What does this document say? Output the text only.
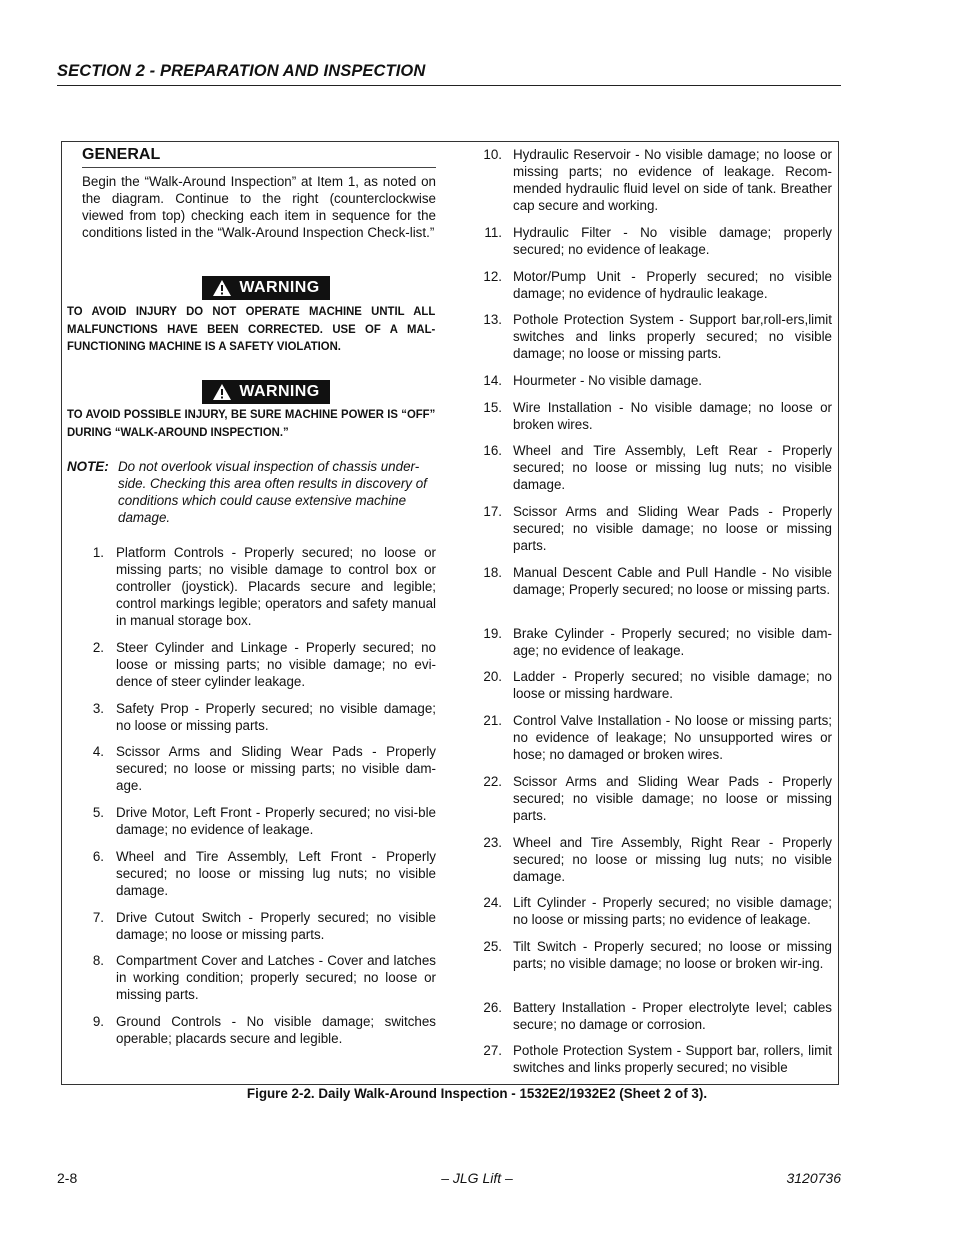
SECTION 2 - PREPARATION AND INSPECTION
GENERAL
Begin the “Walk-Around Inspection” at Item 1, as noted on the diagram. Continue to the right (counterclockwise viewed from top) checking each item in sequence for the conditions listed in the “Walk-Around Inspection Check-list.”
WARNING
TO AVOID INJURY DO NOT OPERATE MACHINE UNTIL ALL MALFUNCTIONS HAVE BEEN CORRECTED. USE OF A MAL-FUNCTIONING MACHINE IS A SAFETY VIOLATION.
WARNING
TO AVOID POSSIBLE INJURY, BE SURE MACHINE POWER IS “OFF” DURING “WALK-AROUND INSPECTION.”
NOTE: Do not overlook visual inspection of chassis under-side. Checking this area often results in discovery of conditions which could cause extensive machine damage.
1. Platform Controls - Properly secured; no loose or missing parts; no visible damage to control box or controller (joystick). Placards secure and legible; control markings legible; operators and safety manual in manual storage box.
2. Steer Cylinder and Linkage - Properly secured; no loose or missing parts; no visible damage; no evi-dence of steer cylinder leakage.
3. Safety Prop - Properly secured; no visible damage; no loose or missing parts.
4. Scissor Arms and Sliding Wear Pads - Properly secured; no loose or missing parts; no visible dam-age.
5. Drive Motor, Left Front - Properly secured; no visi-ble damage; no evidence of leakage.
6. Wheel and Tire Assembly, Left Front - Properly secured; no loose or missing lug nuts; no visible damage.
7. Drive Cutout Switch - Properly secured; no visible damage; no loose or missing parts.
8. Compartment Cover and Latches - Cover and latches in working condition; properly secured; no loose or missing parts.
9. Ground Controls - No visible damage; switches operable; placards secure and legible.
10. Hydraulic Reservoir - No visible damage; no loose or missing parts; no evidence of leakage. Recom-mended hydraulic fluid level on side of tank. Breather cap secure and working.
11. Hydraulic Filter - No visible damage; properly secured; no evidence of leakage.
12. Motor/Pump Unit - Properly secured; no visible damage; no evidence of hydraulic leakage.
13. Pothole Protection System - Support bar,roll-ers,limit switches and links properly secured; no visible damage; no loose or missing parts.
14. Hourmeter - No visible damage.
15. Wire Installation - No visible damage; no loose or broken wires.
16. Wheel and Tire Assembly, Left Rear - Properly secured; no loose or missing lug nuts; no visible damage.
17. Scissor Arms and Sliding Wear Pads - Properly secured; no visible damage; no loose or missing parts.
18. Manual Descent Cable and Pull Handle - No visible damage; Properly secured; no loose or missing parts.
19. Brake Cylinder - Properly secured; no visible dam-age; no evidence of leakage.
20. Ladder - Properly secured; no visible damage; no loose or missing hardware.
21. Control Valve Installation - No loose or missing parts; no evidence of leakage; No unsupported wires or hose; no damaged or broken wires.
22. Scissor Arms and Sliding Wear Pads - Properly secured; no visible damage; no loose or missing parts.
23. Wheel and Tire Assembly, Right Rear - Properly secured; no loose or missing lug nuts; no visible damage.
24. Lift Cylinder - Properly secured; no visible damage; no loose or missing parts; no evidence of leakage.
25. Tilt Switch - Properly secured; no loose or missing parts; no visible damage; no loose or broken wir-ing.
26. Battery Installation - Proper electrolyte level; cables secure; no damage or corrosion.
27. Pothole Protection System - Support bar, rollers, limit switches and links properly secured; no visible
Figure 2-2. Daily Walk-Around Inspection - 1532E2/1932E2 (Sheet 2 of 3).
2-8	– JLG Lift –	3120736
